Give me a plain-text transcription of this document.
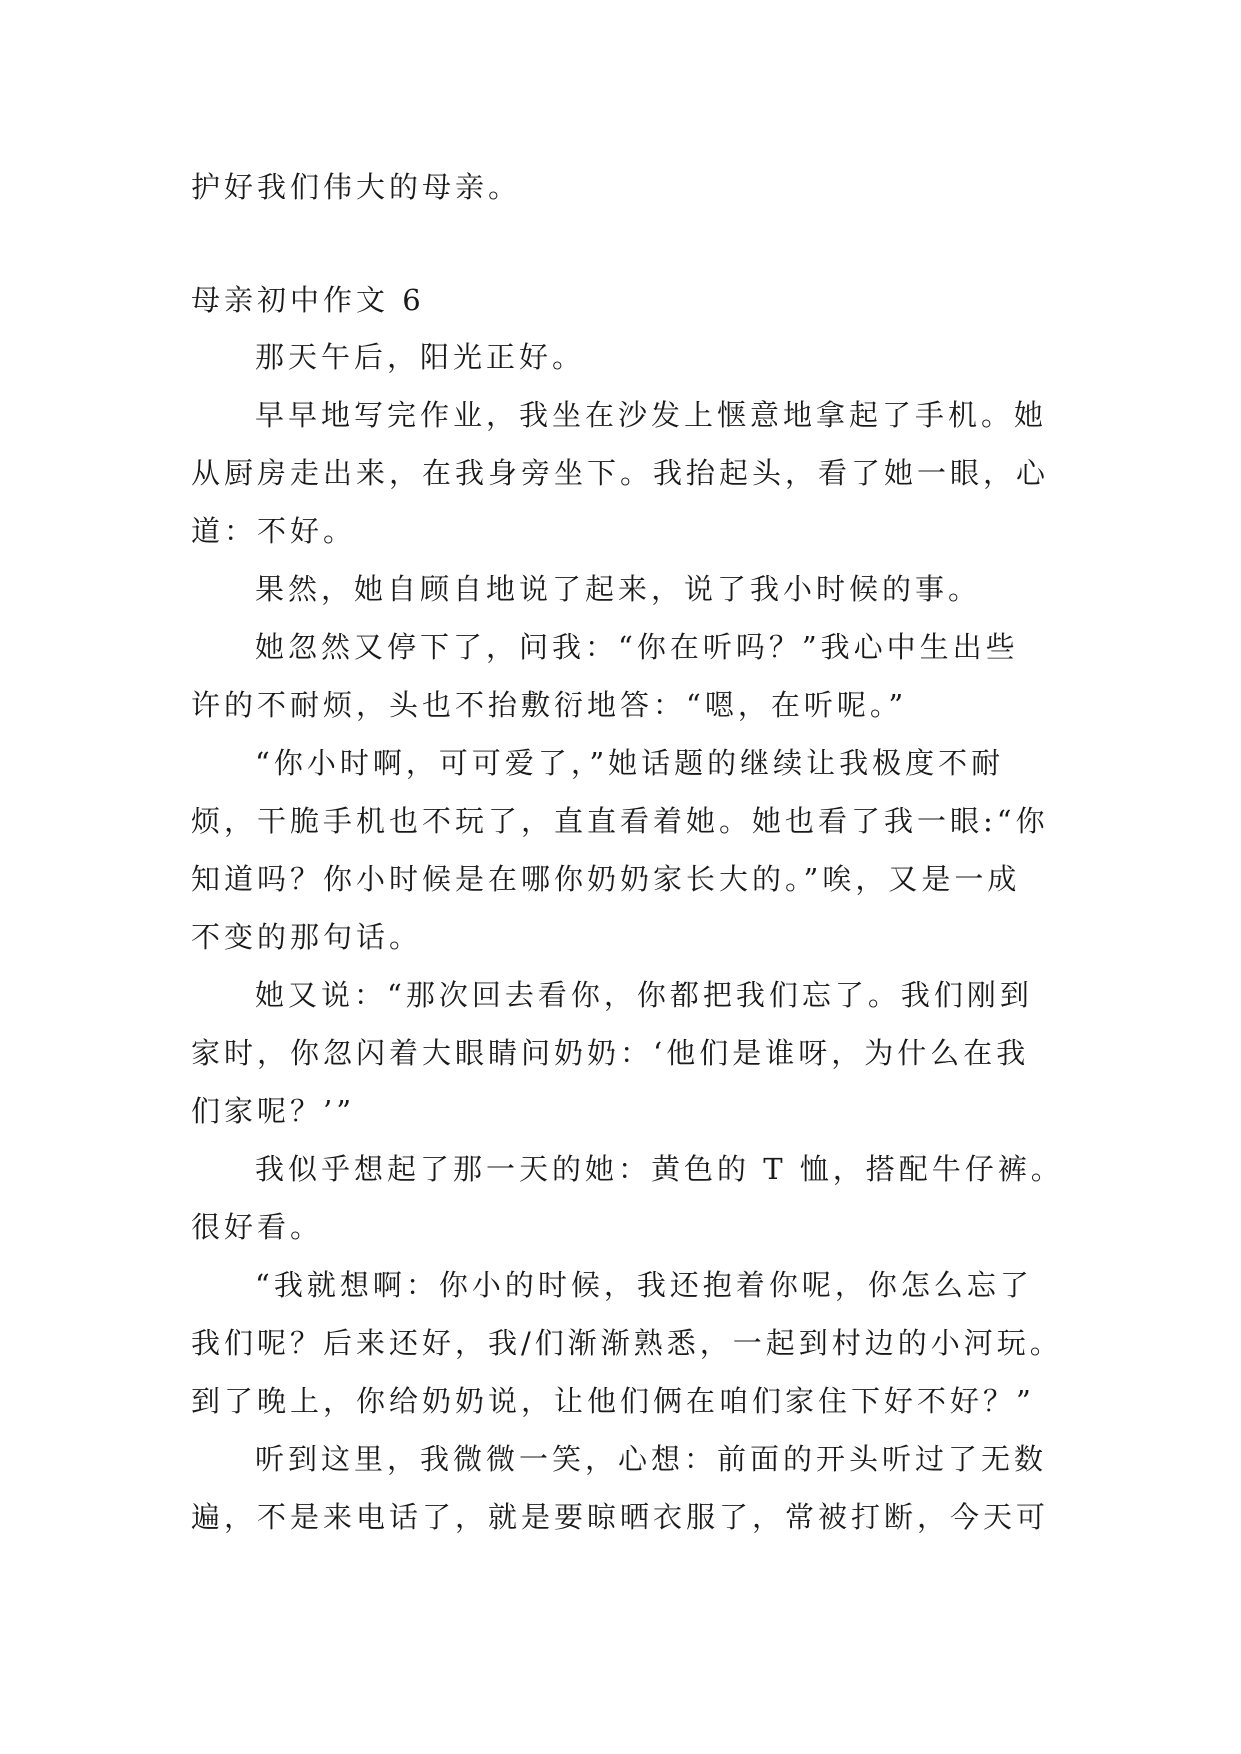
护好我们伟大的母亲。
母亲初中作文 6
那天午后，阳光正好。
早早地写完作业，我坐在沙发上惬意地拿起了手机。她
从厨房走出来，在我身旁坐下。我抬起头，看了她一眼，心
道：不好。
果然，她自顾自地说了起来，说了我小时候的事。
她忽然又停下了，问我：“你在听吗？”我心中生出些
许的不耐烦，头也不抬敷衍地答：“嗯，在听呢。”
“你小时啊，可可爱了，”她话题的继续让我极度不耐
烦，干脆手机也不玩了，直直看着她。她也看了我一眼:“你
知道吗？你小时候是在哪你奶奶家长大的。”唉，又是一成
不变的那句话。
她又说：“那次回去看你，你都把我们忘了。我们刚到
家时，你忽闪着大眼睛问奶奶：‘他们是谁呀，为什么在我
们家呢？’”
我似乎想起了那一天的她：黄色的 T 恤，搭配牛仔裤。
很好看。
“我就想啊：你小的时候，我还抱着你呢，你怎么忘了
我们呢？后来还好，我/们渐渐熟悉，一起到村边的小河玩。
到了晚上，你给奶奶说，让他们俩在咱们家住下好不好？”
听到这里，我微微一笑，心想：前面的开头听过了无数
遍，不是来电话了，就是要晾晒衣服了，常被打断，今天可
